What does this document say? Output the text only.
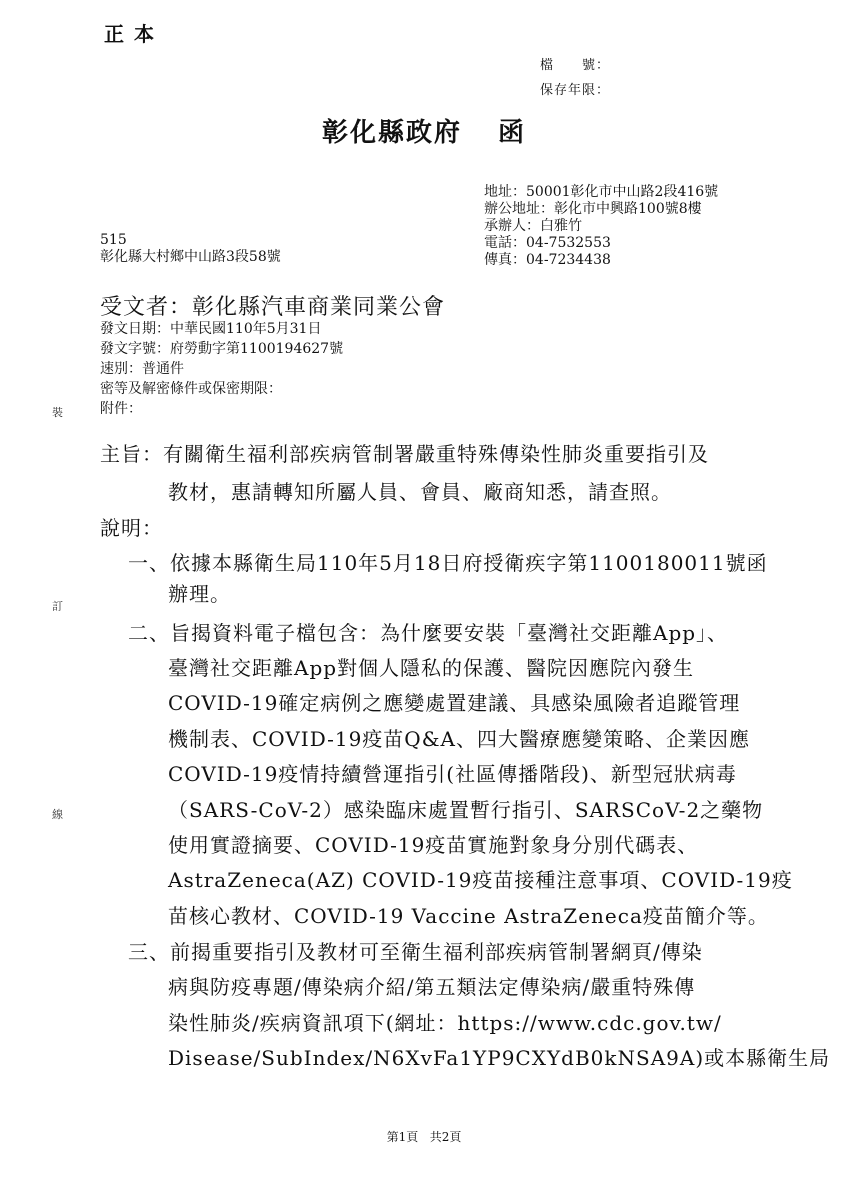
正本
檔　　號：
保存年限：
彰化縣政府 函
地址：50001彰化市中山路2段416號
辦公地址：彰化市中興路100號8樓
承辦人：白雅竹
電話：04-7532553
傳真：04-7234438
515
彰化縣大村鄉中山路3段58號
受文者：彰化縣汽車商業同業公會
發文日期：中華民國110年5月31日
發文字號：府勞動字第1100194627號
速別：普通件
密等及解密條件或保密期限：
附件：
裝
訂
線
主旨：有關衛生福利部疾病管制署嚴重特殊傳染性肺炎重要指引及
教材，惠請轉知所屬人員、會員、廠商知悉，請查照。
說明：
一、依據本縣衛生局110年5月18日府授衛疾字第1100180011號函
辦理。
二、旨揭資料電子檔包含：為什麼要安裝「臺灣社交距離App」、
臺灣社交距離App對個人隱私的保護、醫院因應院內發生
COVID-19確定病例之應變處置建議、具感染風險者追蹤管理
機制表、COVID-19疫苗Q&A、四大醫療應變策略、企業因應
COVID-19疫情持續營運指引(社區傳播階段)、新型冠狀病毒
（SARS-CoV-2）感染臨床處置暫行指引、SARSCoV-2之藥物
使用實證摘要、COVID-19疫苗實施對象身分別代碼表、
AstraZeneca(AZ) COVID-19疫苗接種注意事項、COVID-19疫
苗核心教材、COVID-19 Vaccine AstraZeneca疫苗簡介等。
三、前揭重要指引及教材可至衛生福利部疾病管制署網頁/傳染
病與防疫專題/傳染病介紹/第五類法定傳染病/嚴重特殊傳
染性肺炎/疾病資訊項下(網址：https://www.cdc.gov.tw/
Disease/SubIndex/N6XvFa1YP9CXYdB0kNSA9A)或本縣衛生局
第1頁 共2頁
